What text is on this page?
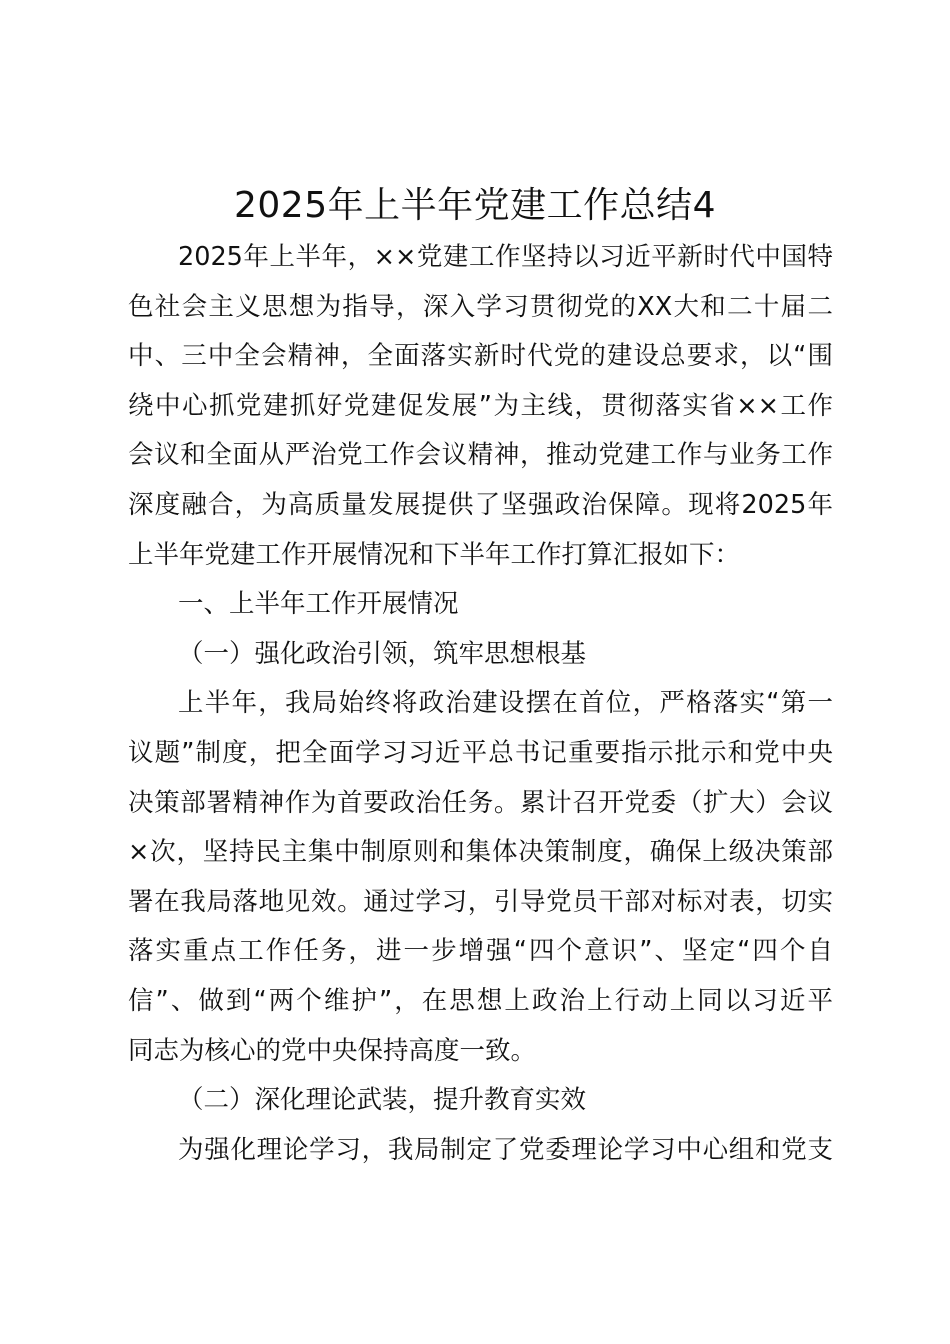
2025年上半年党建工作总结4
2025年上半年，××党建工作坚持以习近平新时代中国特
色社会主义思想为指导，深入学习贯彻党的XX大和二十届二
中、三中全会精神，全面落实新时代党的建设总要求，以“围
绕中心抓党建抓好党建促发展”为主线，贯彻落实省××工作
会议和全面从严治党工作会议精神，推动党建工作与业务工作
深度融合，为高质量发展提供了坚强政治保障。现将2025年
上半年党建工作开展情况和下半年工作打算汇报如下：
一、上半年工作开展情况
（一）强化政治引领，筑牢思想根基
上半年，我局始终将政治建设摆在首位，严格落实“第一
议题”制度，把全面学习习近平总书记重要指示批示和党中央
决策部署精神作为首要政治任务。累计召开党委（扩大）会议
×次，坚持民主集中制原则和集体决策制度，确保上级决策部
署在我局落地见效。通过学习，引导党员干部对标对表，切实
落实重点工作任务，进一步增强“四个意识”、坚定“四个自
信”、做到“两个维护”，在思想上政治上行动上同以习近平
同志为核心的党中央保持高度一致。
（二）深化理论武装，提升教育实效
为强化理论学习，我局制定了党委理论学习中心组和党支
